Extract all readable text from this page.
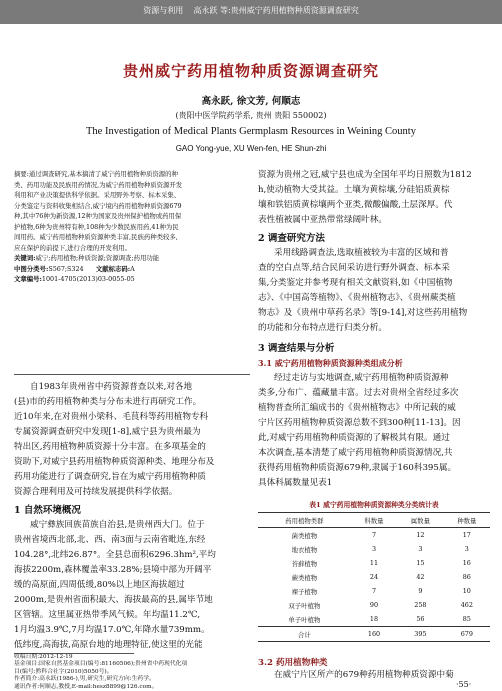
资源与利用 高永跃 等:贵州威宁药用植物种质资源调查研究
贵州威宁药用植物种质资源调查研究
高永跃, 徐文芳, 何顺志
(贵阳中医学院药学系, 贵州 贵阳 550002)
The Investigation of Medical Plants Germplasm Resources in Weining County
GAO Yong-yue, XU Wen-fen, HE Shun-zhi
摘要:通过调查研究,基本搞清了威宁药用植物种质资源的种
类、药用功能及民族用药情况,为威宁药用植物种质资源开发
利用和产业决策提供科学依据。采用野外考察、标本采集、
分类鉴定与资料收集相结合,威宁境内药用植物种质资源679
种,其中76种为新资源,12种为国家及贵州保护植物或药用保
护植物,6种为贵州特有种,108种为少数民族用药,41种为民
间用药。威宁药用植物种质资源种类丰富,民族药种类较多,
应在保护的前提下,进行合理的开发利用。
关键词:威宁;药用植物;种质资源;资源调查;药用功能
中图分类号:S567;S324 文献标志码:A
文章编号:1001-4705(2013)03-0055-05
自1983年贵州省中药资源普查以来,对各地
(县)市的药用植物种类与分布未进行再研究工作。
近10年来,在对贵州小梁科、毛茛科等药用植物专科
专属资源调查研究中发现[1-8],威宁县为贵州最为
特出区,药用植物种质资源十分丰富。在多项基金的
资助下,对威宁县药用植物种质资源种类、地理分布及
药用功能进行了调查研究,旨在为威宁药用植物种质
资源合理利用及可持续发展提供科学依据。
1 自然环境概况
威宁彝族回族苗族自治县,是贵州西大门。位于
贵州省境西北部,北、西、南3面与云南省毗连,东经
104.28°,北纬26.87°。全县总面积6296.3hm²,平均
海拔2200m,森林覆盖率33.28%;县境中部为开阔平
缓的高原面,四周低缓,80%以上地区海拔超过
2000m,是贵州省面积最大、海拔最高的县,属毕节地
区管辖。这里属亚热带季风气候。年均温11.2℃,
1月均温3.9℃,7月均温17.0℃,年降水量739mm。
低纬度,高海拔,高原台地的地理特征,使这里的光能
收稿日期:2012-12-19
基金项目:国家自然基金项目(编号:81160506);贵州省中药现代化项
目(编号:黔科合社字(2010)5050号)。
作者简介:高永跃(1986-),男,研究生,研究方向:生药学。
通讯作者:何顺志,教授,E-mail:hesz8899@126.com。
资源为贵州之冠,威宁县也成为全国年平均日照数为1812
h,使动植物大受其益。土壤为黄棕壤,分硅铝质黄棕
壤和铁铝质黄棕壤两个亚类,微酸偏酸,土层深厚。代
表性植被属中亚热带常绿阔叶林。
2 调查研究方法
采用线路调查法,选取植被较为丰富的区域和普
查的空白点等,结合民间采访进行野外调查、标本采
集,分类鉴定并参考现有相关文献资料,如《中国植物
志》、《中国高等植物》、《贵州植物志》、《贵州蕨类植
物志》及《贵州中草药名录》等[9-14],对这些药用植物
的功能和分布特点进行归类分析。
3 调查结果与分析
3.1 威宁药用植物种质资源种类组成分析
经过走访与实地调查,威宁药用植物种质资源种
类多,分布广、蕴藏量丰富。过去对贵州全省经过多次
植物普查所汇编成书的《贵州植物志》中所记载的威
宁片区药用植物种质资源总数不到300种[11-13]。因
此,对威宁药用植物种质资源的了解极其有限。通过
本次调查,基本清楚了威宁药用植物种质资源情况,共
获得药用植物种质资源679种,隶属于160科395属。
具体科属数量见表1
表1 威宁药用植物种质资源种类分类统计表
药用植物类群	科数量	属数量	种数量
菌类植物	7	12	17
地衣植物	3	3	3
苔藓植物	11	15	16
蕨类植物	24	42	86
裸子植物	7	9	10
双子叶植物	90	258	462
单子叶植物	18	56	85
合计	160	395	679
3.2 药用植物种类
在威宁片区所产的679种药用植物种质资源中菊
·55·
